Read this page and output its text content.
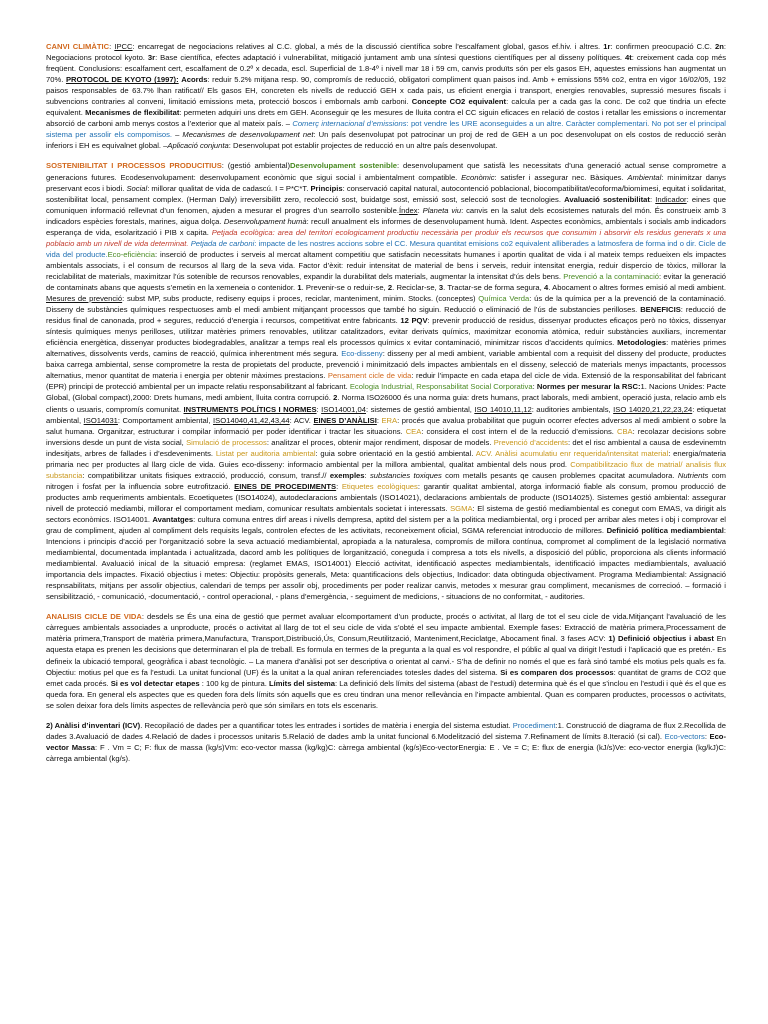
CANVI CLIMÀTIC: IPCC: encarregat de negociacions relatives al C.C. global, a més de la discussió científica sobre l’escalfament global, gasos ef.hiv. i altres. 1r: confirmen preocupació C.C. 2n: Negociacions protocol kyoto. 3r: Base científica, efectes adaptació i vulnerabilitat, mitigació juntament amb una síntesi questions científiques per al disseny polítiques. 4t: creixement cada cop més freqüent. Conclusions: escalfament cert, escalfament de 0.2º x decada, escl. Superficial de 1.8-4º i nivell mar 18 i 59 cm, canvis produïts són per els gasos EH, aquestes emissions han augmentat un 70%. PROTOCOL DE KYOTO (1997): Acords: reduir 5.2% mitjana resp. 90, compromís de reducció, obligatori compliment quan paisos ind. Amb + emissions 55% co2, entra en vigor 16/02/05, 192 paisos responsables de 63.7% lhan ratificat// Els gasos EH, concreten els nivells de reducció GEH x cada pais, us eficient energia i transport, energies renovables, supressió mesures fiscals i subvencions contraries al conveni, limitació emissions meta, protecció boscos i embornals amb carboni. Concepte CO2 equivalent: calcula per a cada gas la conc. De co2 que tindria un efecte equivalent. Mecanismes de flexibilitat: permeten adquiri uns drets em GEH. Aconseguir qe les mesures de lluita contra el CC siguin eficaces en relació de costos i retallar les emissions o incrementar absorció de carboni amb menys costos a l’exterior que al mateix país. – Comerç internacional d’emissions: pot vendre les URE aconseguides a un altre. Caràcter complementari. No pot ser el principal sistema per assolir els compomisos. – Mecanismes de desenvolupament net: Un país desenvolupat pot patrocinar un proj de red de GEH a un poc desenvolupat on els costos de reducció seràn inferiors i EH es equivalnet global. –Aplicació conjunta: Desenvolupat pot establir projectes de reducció en un altre país desenvolupat.

SOSTENIBILITAT I PROCESSOS PRODUCITIUS: (gestió ambiental)Desenvolupament sostenible: desenvolupament que satisfà les necessitats d’una generació actual sense comprometre a generacions futures. Ecodesenvolupament: desenvolupament econòmic que sigui social i ambientalment compatible. Econòmic: satisfer i assegurar nec. Bàsiques. Ambiental: minimitzar danys preservant ecos i biodi. Social: millorar qualitat de vida de cadascú. I = P*C*T. Principis: conservació capital natural, autocontenció poblacional, biocompatibilitat/ecoforma/biomimesi, equitat i solidaritat, sostenibilitat local, pensament complex. (Herman Daly) irreversibilitt zero, recolecció sost, buidatge sost, emissió sost, selecció sost de tecnologies. Avaluació sostenibilitat: Indicador: eines que comuniquen informació rellevnat d’un fenomen, ajuden a mesurar el progres d’un searrollo sostenible.Índex: Planeta viu: canvis en la salut dels ecosistemes naturals del món. És construeix amb 3 indicadors espècies forestals, marines, aigua dolça. Desenvolupament humà: recull anualment els informes de desenvolupament humà. Ident. Aspectes econòmics, ambientals i socials amb indicadors esperança de vida, esolarització i PIB x capita. Petjada ecològica: area del territori ecologicament productiu necessària per produir els recursos que consumim i absorvir els residus generats x una poblacio amb un nivell de vida determinat. Petjada de carboni: impacte de les nostres accions sobre el CC. Mesura quantitat emisions co2 equivalent alliberades a latmosfera de forma ind o dir. Cicle de vida del producte.Eco-eficiència: inserció de productes i serveis al mercat altament competitiu que satisfacin necessitats humanes i aportin qualitat de vida i al mateix temps redueixen els impactes ambientals associats, i el consum de recursos al llarg de la seva vida. Factor d’èxit: reduir intensitat de material de bens i serveis, reduir intensitat energia, reduir dispercio de tòxics, millorar la reciclabilitat de materials, maximitzar l’ús sotenible de recursos renovables, expandir la durabilitat dels materials, augmentar la intensitat d’ús dels bens. Prevenció a la contaminació: evitar la generació de contaminats abans que aquests s’emetin en la xemeneia o contenidor. 1. Prevenir-se o reduir-se, 2. Reciclar-se, 3. Tractar-se de forma segura, 4. Abocament o altres formes emisió al medi ambient. Mesures de prevenció: subst MP, subs producte, rediseny equips i proces, reciclar, manteniment, minim. Stocks. (conceptes) Química Verda: ús de la química per a la prevenció de la contaminació. Disseny de substàncies químiques respectuoses amb el medi ambient mitjançant processos que també ho siguin. Reducció o eliminació de l’ús de substancies perilloses. BENEFICIS: reducció de residus final de canonada, prod + segures, reducció d’energia i recursos, competitivat entre fabricants. 12 PQV: prevenir producció de residus, dissenyar productes eficaços però no tòxics, dissenyar síntesis químiques menys perilloses, utilitzar matèries primers renovables, utilitzar catalitzadors, evitar derivats químics, maximitzar economia atòmica, reduir substàncies auxiliars, incrementar eficiència energètica, dissenyar productes biodegradables, analitzar a temps real els processos químics x evitar contaminació, minimitzar riscos d’accidents químics. Metodologies: matèries primes alternatives, dissolvents verds, camins de reacció, química inherentment més segura. Eco-disseny: disseny per al medi ambient, variable ambiental com a requisit del disseny del producte, productes baixa carrega ambiental, sense comprometre la resta de propietats del producte, prevenció i minimització dels impactes ambientals en el disseny, selecció de materials menys impactants, processos alternatius, menor quantitat de materia i energia per obtenir màximes prestacions. Pensament cicle de vida: reduir l’impacte en cada etapa del cicle de vida. Extensió de la responsabilitat del fabricant (EPR) principi de protecció ambiental per un impacte relatiu responsabilitzant al fabricant. Ecologia Industrial, Responsabilitat Social Corporativa: Normes per mesurar la RSC:1. Nacions Unides: Pacte Global, (Global compact),2000: Drets humans, medi ambient, lluita contra corrupció. 2. Norma ISO26000 és una norma guia: drets humans, pract laborals, medi ambient, operació justa, relacio amb els clients o usuaris, compromís comunitat. INSTRUMENTS POLÍTICS I NORMES: ISO14001,04: sistemes de gestió ambiental, ISO 14010,11,12: auditories ambientals, ISO 14020,21,22,23,24: etiquetat ambiental, ISO14031: Comportament ambiental, ISO14040,41,42,43,44: ACV. EINES D’ANÀLISI: ERA: procés que avalua probabilitat que puguin ocorrer efectes adversos al medi ambient o sobre la salut humana. Organitzar, estructurar i compilar informació per poder identificar i tractar les situacions. CEA: considera el cost intern el de la reducció d’emissions. CBA: recolazar decisions sobre inversions desde un punt de vista social, Simulació de processos: analitzar el proces, obtenir major rendiment, disposar de models. Prevenció d’accidents: det el risc ambiental a causa de esdevinemtn indesitjats, arbres de fallades i d’esdeveniments. Listat per auditoria ambiental: guia sobre orientació en la gestió ambiental. ACV. Anàlisi acumulatiu enr requerida/intensitat material: energia/materia primaria nec per productes al llarg cicle de vida. Guies eco-disseny: informacio ambiental per la millora ambiental, qualitat ambiental dels nous prod. Compatibilitzacio flux de matrial/ analisis flux substancia: compatibilitzar unitats fisiques extracció, producció, consum, transf.// exemples: substancies toxiques com metalls pesants qe causen problemes cpacitat acumuladora. Nutrients com nitrogen i fosfat per la influencia sobre eutrofització. EINES DE PROCEDIMENTS: Etiquetes ecològiques: garantir qualitat ambiental, atorga informació fiable als consum, promou producció de productes amb requeriments ambientals. Ecoetiquetes (ISO14024), autodeclaracions ambientals (ISO14021), declaracions ambientals de producte (ISO14025). Sistemes gestió ambiental: assegurar nivell de protecció mediambi, millorar el comportament mediam, comunicar resultats ambientals societat i interessats. SGMA: El sistema de gestió mediambiental es conegut com EMAS, va dirigit als sectors econòmics. ISO14001. Avantatges: cultura comuna entres dirf areas i nivells dempresa, aptitd del sistem per a la politica mediambiental, org i proced per arribar ales metes i obj i comprovar el grau de compliment, ajuden al compliment dels requisits legals, controlen efectes de les activitats, reconeixement oficial, SGMA referenciat introduccio de millores. Definició política mediambiental: Intencions i principis d’acció per l’organització sobre la seva actuació mediambiental, apropiada a la naturalesa, compromís de millora contínua, compromet al compliment de la legislació normativa mediambiental, documentada implantada i actualitzada, dacord amb les polítiques de lorganització, coneguda i compresa a tots els nivells, a disposició del públic, proporciona als clients informació mediambiental. Avaluació inical de la situació empresa: (reglamet EMAS, ISO14001) Elecció activitat, identificació aspectes mediambientals, identificació impactes mediambientals, avaluació importancia dels impactes. Fixació objectius i metes: Objectiu: propòsits generals, Meta: quantificacions dels objectius, Indicador: data obtinguda objectivament. Programa Mediambiental: Assignació respnsabilitats, mitjans per assolir objectius, calendari de temps per assolir obj, procediments per poder realizar canvis, metodes x mesurar grau compliment, mecanismes de correcioó. – formació i sensibilització, - comunicació, -documentació, - control operacional, - plans d’emergència, - seguiment de medicions, - situacions de no conformitat, - auditories.

ANALISIS CICLE DE VIDA: desdels se És una eina de gestió que permet avaluar elcomportament d’un producte, procés o activitat, al llarg de tot el seu cicle de vida.Mitjançant l’avaluació de les càrregues ambientals associades a unproducte, procés o activitat al llarg de tot el seu cicle de vida s’obté el seu impacte ambiental. Exemple fases: Extracció de matèria primera,Processament de matèria primera,Transport de matèria primera,Manufactura, Transport,Distribució,Ús, Consum,Reutilització, Manteniment,Reciclatge, Abocament final. 3 fases ACV: 1) Definició objectius i abast En aquesta etapa es prenen les decisions que determinaran el pla de treball. Es formula en termes de la pregunta a la qual es vol respondre, el públic al qual va dirigit l’estudi i l’aplicació que es pretén.- Es defineix la ubicació temporal, geogràfica i abast tecnològic. – La manera d’anàlisi pot ser descriptiva o orientat al canvi.- S’ha de definir no només el que es farà sinó també els motius pels quals es fa. Objectiu: motius pel que es fa l’estudi. La unitat funcional (UF) és la unitat a la qual aniran referenciades totesles dades del sistema. Si es comparen dos processos: quantitat de grams de CO2 que emet cada procés. Si es vol detectar etapes : 100 kg de pintura. Límits del sistema: La definició dels límits del sistema (abast de l’estudi) determina què és el que s’inclou en l’estudi i què és el que es queda fora. En general els aspectes que es queden fora dels límits són aquells que es creu tindran una menor rellevància en l’impacte ambiental. Quan es comparen productes, processos o activitats, se solen deixar fora dels límits aspectes de rellevància però que són similars en tots els escenaris.

2) Anàlisi d’inventari (ICV). Recopilació de dades per a quantificar totes les entrades i sortides de matèria i energia del sistema estudiat. Procediment:1. Construcció de diagrama de flux 2.Recollida de dades 3.Avaluació de dades 4.Relació de dades i processos unitaris 5.Relació de dades amb la unitat funcional 6.Modelització del sistema 7.Refinament de límits 8.Iteració (si cal). Eco-vectors: Eco-vector Massa: F . Vm = C; F: flux de massa (kg/s)Vm: eco-vector massa (kg/kg)C: càrrega ambiental (kg/s)Eco-vectorEnergia: E . Ve = C; E: flux de energia (kJ/s)Ve: eco-vector energia (kg/kJ)C: càrrega ambiental (kg/s).
